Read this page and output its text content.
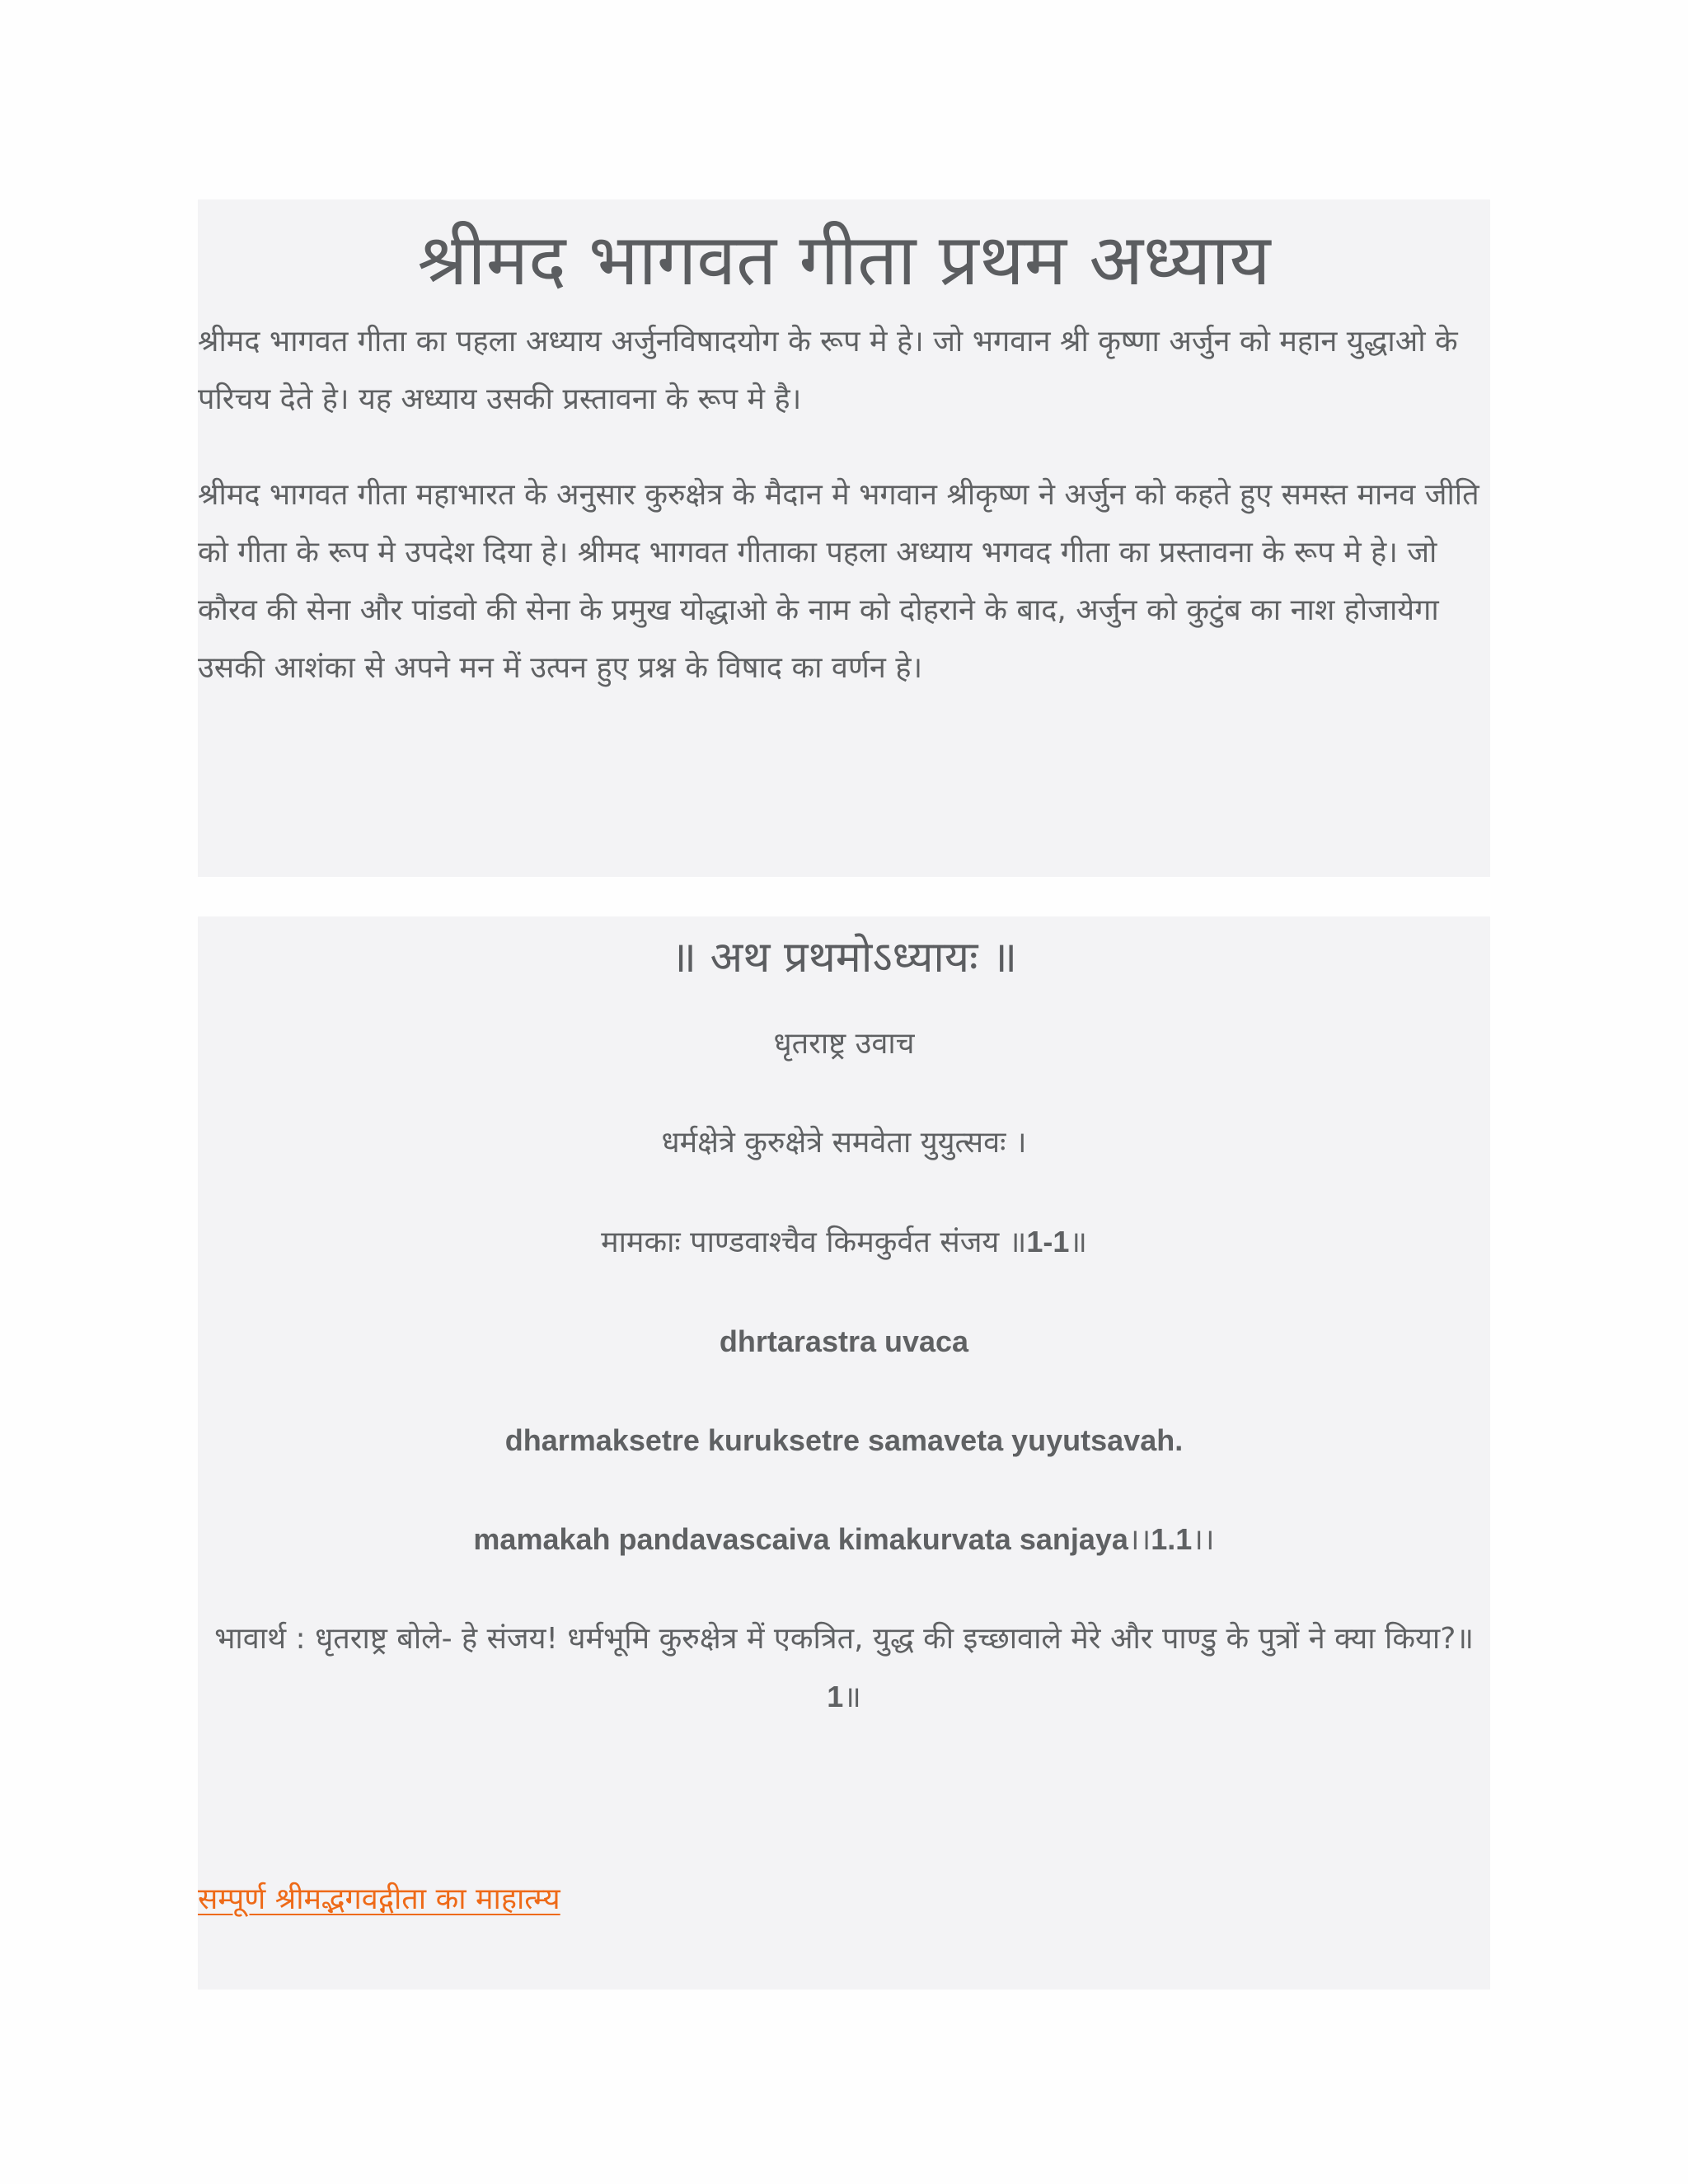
श्रीमद भागवत गीता प्रथम अध्याय

श्रीमद भागवत गीता का पहला अध्याय अर्जुनविषादयोग के रूप मे हे। जो भगवान श्री कृष्णा अर्जुन को महान युद्धाओ के परिचय देते हे। यह अध्याय उसकी प्रस्तावना के रूप मे है।

श्रीमद भागवत गीता महाभारत के अनुसार कुरुक्षेत्र के मैदान मे भगवान श्रीकृष्ण ने अर्जुन को कहते हुए समस्त मानव जीति को गीता के रूप मे उपदेश दिया हे। श्रीमद भागवत गीताका पहला अध्याय भगवद गीता का प्रस्तावना के रूप मे हे। जो कौरव की सेना और पांडवो की सेना के प्रमुख योद्धाओ के नाम को दोहराने के बाद, अर्जुन को कुटुंब का नाश होजायेगा उसकी आशंका से अपने मन में उत्पन हुए प्रश्न के विषाद का वर्णन हे।

॥ अथ प्रथमोऽध्यायः ॥

धृतराष्ट्र उवाच

धर्मक्षेत्रे कुरुक्षेत्रे समवेता युयुत्सवः ।

मामकाः पाण्डवाश्चैव किमकुर्वत संजय ॥1-1॥

dhrtarastra uvaca

dharmaksetre kuruksetre samaveta yuyutsavah.

mamakah pandavascaiva kimakurvata sanjaya।।1.1।।

भावार्थ : धृतराष्ट्र बोले- हे संजय! धर्मभूमि कुरुक्षेत्र में एकत्रित, युद्ध की इच्छावाले मेरे और पाण्डु के पुत्रों ने क्या किया?॥1॥

सम्पूर्ण श्रीमद्भगवद्गीता का माहात्म्य
